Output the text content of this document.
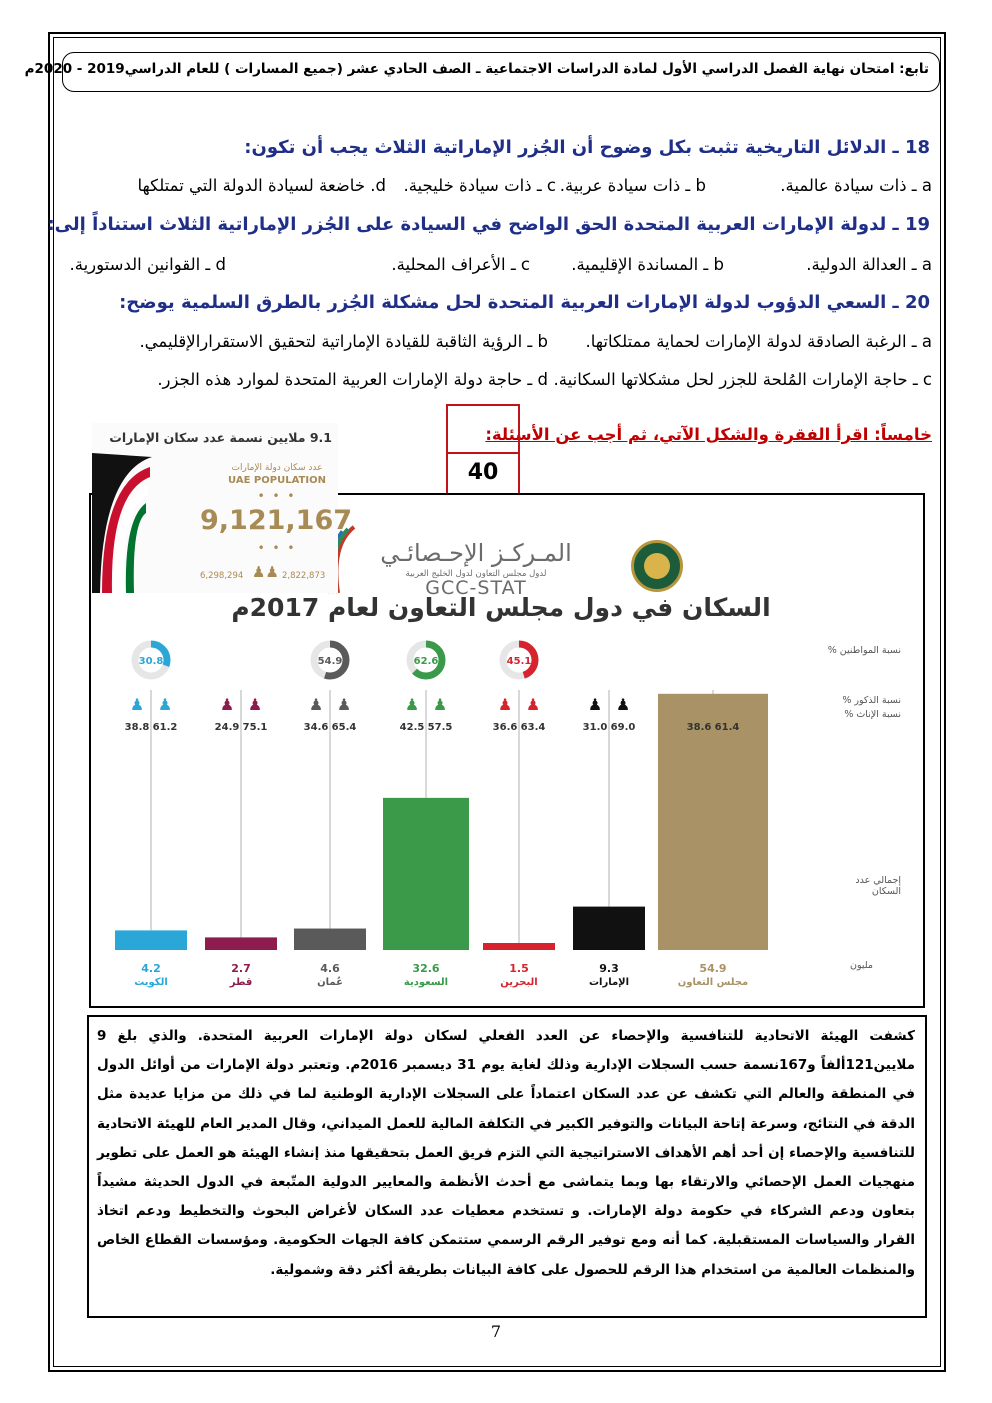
تابع: امتحان نهاية الفصل الدراسي الأول لمادة الدراسات الاجتماعية ـ الصف الحادي عشر (جميع المسارات ) للعام الدراسي2019 - 2020م
18 ـ الدلائل التاريخية تثبت بكل وضوح أن الجُزر الإماراتية الثلاث يجب أن تكون:
a ـ ذات سيادة عالمية.
b ـ ذات سيادة عربية.
c ـ ذات سيادة خليجية.
d. خاضعة لسيادة الدولة التي تمتلكها
19 ـ لدولة الإمارات العربية المتحدة الحق الواضح في السيادة على الجُزر الإماراتية الثلاث استناداً إلى:
a ـ العدالة الدولية.
b ـ المساندة الإقليمية.
c ـ الأعراف المحلية.
d ـ القوانين الدستورية.
20 ـ السعي الدؤوب لدولة الإمارات العربية المتحدة لحل مشكلة الجُزر بالطرق السلمية يوضح:
a ـ الرغبة الصادقة لدولة الإمارات لحماية ممتلكاتها.
b ـ الرؤية الثاقبة للقيادة الإماراتية لتحقيق الاستقرارالإقليمي.
c ـ حاجة الإمارات المُلحة للجزر لحل مشكلاتها السكانية.
d ـ حاجة دولة الإمارات العربية المتحدة لموارد هذه الجزر.
خامساً: اقرأ الفقرة والشكل الآتي، ثم أجب عن الأسئلة:
40
المـركـز الإحـصائـي
لدول مجلس التعاون لدول الخليج العربية
GCC-STAT
السكان في دول مجلس التعاون لعام 2017م
نسبة المواطنين %
نسبة الذكور %
نسبة الإناث %
إجمالي عدد السكان
مليون
4.2
الكويت
♟
♟
61.2
38.8
30.8
2.7
قطر
♟
♟
75.1
24.9
4.6
عُمان
♟
♟
65.4
34.6
54.9
32.6
السعودية
♟
♟
57.5
42.5
62.6
1.5
البحرين
♟
♟
63.4
36.6
45.1
9.3
الإمارات
♟
♟
69.0
31.0
54.9
مجلس التعاون
♟
♟
61.4
38.6
9.1 ملايين نسمة عدد سكان الإمارات
عدد سكان دولة الإمارات
UAE POPULATION
• • •
9,121,167
• • •
6,298,294 ♟♟ 2,822,873
كشفت الهيئة الاتحادية للتنافسية والإحصاء عن العدد الفعلي لسكان دولة الإمارات العربية المتحدة. والذي بلغ 9 ملايين121ألفاً و167نسمة حسب السجلات الإدارية وذلك لغاية يوم 31 ديسمبر 2016م. وتعتبر دولة الإمارات من أوائل الدول في المنطقة والعالم التي تكشف عن عدد السكان اعتماداً على السجلات الإدارية الوطنية لما في ذلك من مزايا عديدة مثل الدقة في النتائج، وسرعة إتاحة البيانات والتوفير الكبير في التكلفة المالية للعمل الميداني، وقال المدير العام للهيئة الاتحادية للتنافسية والإحصاء إن أحد أهم الأهداف الاستراتيجية التي التزم فريق العمل بتحقيقها منذ إنشاء الهيئة هو العمل على تطوير منهجيات العمل الإحصائي والارتقاء بها وبما يتماشى مع أحدث الأنظمة والمعايير الدولية المتّبعة في الدول الحديثة مشيداً بتعاون ودعم الشركاء في حكومة دولة الإمارات. و تستخدم معطيات عدد السكان لأغراض البحوث والتخطيط ودعم اتخاذ القرار والسياسات المستقبلية. كما أنه ومع توفير الرقم الرسمي ستتمكن كافة الجهات الحكومية. ومؤسسات القطاع الخاص والمنظمات العالمية من استخدام هذا الرقم للحصول على كافة البيانات بطريقة أكثر دقة وشمولية.
7
